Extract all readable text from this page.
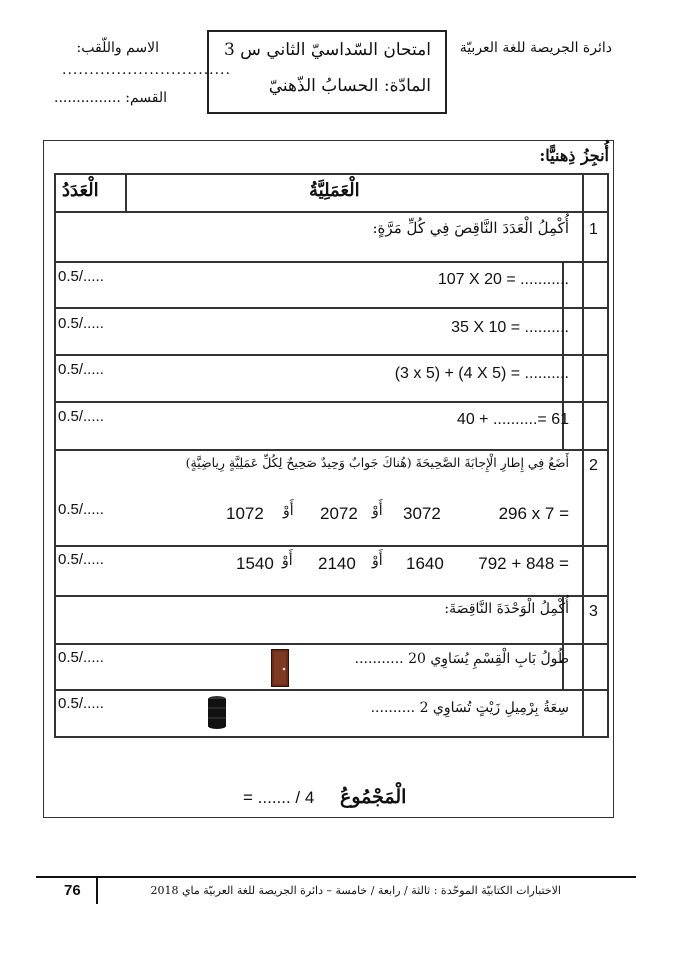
دائرة الجريصة للغة العربيّة
امتحان السّداسيّ الثاني س 3
المادّة: الحسابُ الذّهنيّ
الاسم واللّقب:
...............................
القسم: ...............
أُنجِزُ ذِهنيًّا:
الْعَمَلِيَّةُ
الْعَدَدُ
1
أُكْمِلُ الْعَدَدَ النَّاقِصَ فِي كُلِّ مَرَّةٍ:
107 X 20 = ...........
0.5/.....
35 X 10 = ..........
0.5/.....
(3 x 5) + (4 X 5) = ..........
0.5/.....
40 + ..........= 61
0.5/.....
2
أَضَعُ فِي إِطارِ الْإِجابَةَ الصَّحِيحَةَ (هُناكَ جَوابٌ وَحِيدٌ صَحِيحٌ لِكُلِّ عَمَلِيَّةٍ رِياضِيَّةٍ)
296 x 7 =
3072
أَوْ
2072
أَوْ
1072
0.5/.....
792 + 848 =
1640
أَوْ
2140
أَوْ
1540
0.5/.....
3
أُكْمِلُ الْوَحْدَةَ النَّاقِصَةَ:
طُولُ بَابِ الْقِسْمِ يُسَاوِي 20 ...........
0.5/.....
سِعَةُ بِرْمِيلِ زَيْتٍ تُسَاوِي 2 ..........
0.5/.....
الْمَجْمُوعُ
= ....... / 4
76	الاختبارات الكتابيّة الموحّدة : ثالثة / رابعة / خامسة – دائرة الجريصة للغة العربيّة ماي 2018
